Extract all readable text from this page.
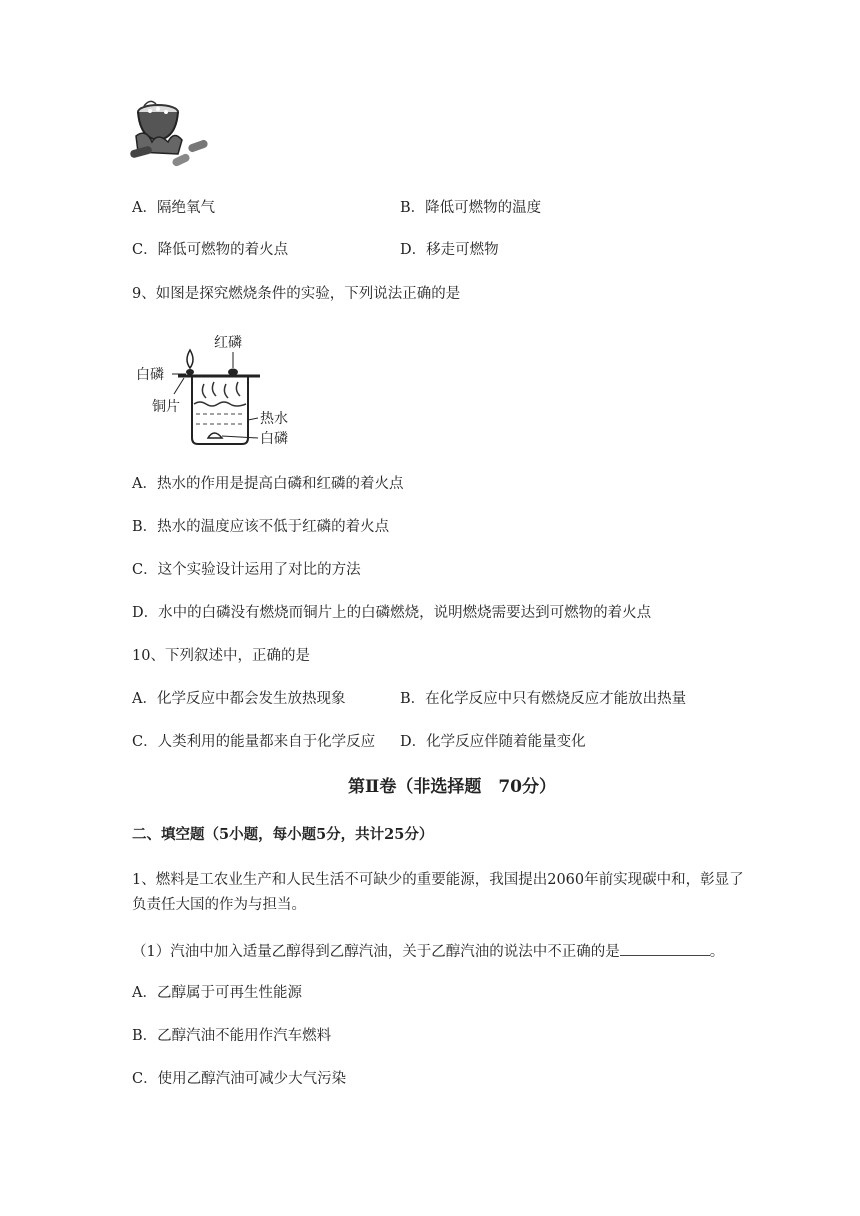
A．隔绝氧气	B．降低可燃物的温度
C．降低可燃物的着火点	D．移走可燃物
9、如图是探究燃烧条件的实验，下列说法正确的是
红磷
白磷
铜片
热水
白磷
A．热水的作用是提高白磷和红磷的着火点
B．热水的温度应该不低于红磷的着火点
C．这个实验设计运用了对比的方法
D．水中的白磷没有燃烧而铜片上的白磷燃烧，说明燃烧需要达到可燃物的着火点
10、下列叙述中，正确的是
A．化学反应中都会发生放热现象	B．在化学反应中只有燃烧反应才能放出热量
C．人类利用的能量都来自于化学反应 D．化学反应伴随着能量变化
第Ⅱ卷（非选择题　70分）
二、填空题（5小题，每小题5分，共计25分）
1、燃料是工农业生产和人民生活不可缺少的重要能源，我国提出2060年前实现碳中和，彰显了
负责任大国的作为与担当。
（1）汽油中加入适量乙醇得到乙醇汽油，关于乙醇汽油的说法中不正确的是	。
A．乙醇属于可再生性能源
B．乙醇汽油不能用作汽车燃料
C．使用乙醇汽油可减少大气污染
